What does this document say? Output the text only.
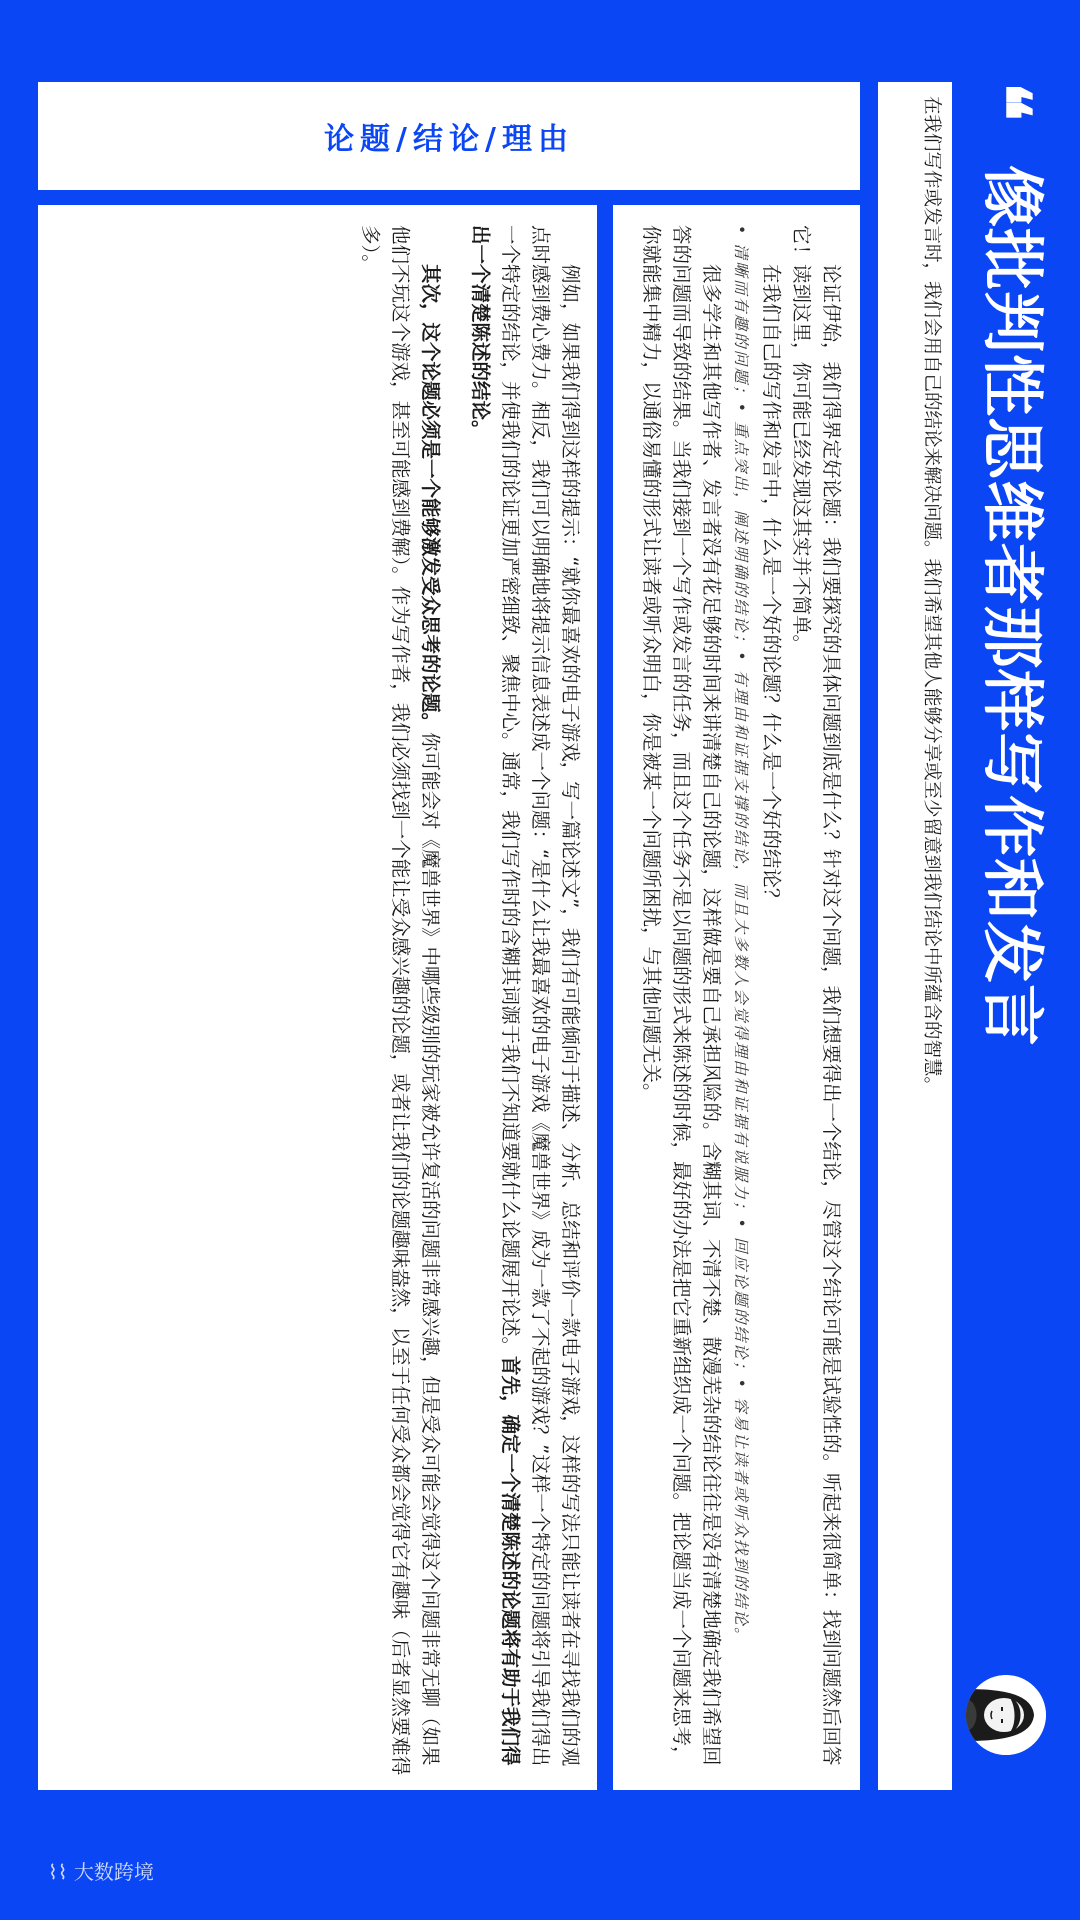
❝
像批判性思维者那样写作和发言
在我们写作或发言时，我们会用自己的结论来解决问题。我们希望其他人能够分享或至少留意到我们结论中所蕴含的智慧。
论题/结论/理由

论证伊始，我们得界定好论题：我们要探究的具体问题到底是什么？针对这个问题，我们想要得出一个结论，尽管这个结论可能是试验性的。听起来很简单：找到问题然后回答它！读到这里，你可能已经发现这其实并不简单。

在我们自己的写作和发言中，什么是一个好的论题？什么是一个好的结论？

• 清晰而有趣的问题；• 重点突出，阐述明确的结论；• 有理由和证据支撑的结论，而且大多数人会觉得理由和证据有说服力；• 回应论题的结论；• 容易让读者或听众找到的结论。

很多学生和其他写作者、发言者没有花足够的时间来讲清楚自己的论题，这样做是要自己承担风险的。含糊其词、不清不楚、散漫芜杂的结论往往是没有清楚地确定我们希望回答的问题而导致的结果。当我们接到一个写作或发言的任务，而且这个任务不是以问题的形式来陈述的时候，最好的办法是把它重新组织成一个问题。把论题当成一个问题来思考，你就能集中精力，以通俗易懂的形式让读者或听众明白，你是被某一个问题所困扰，与其他问题无关。

例如，如果我们得到这样的提示：“就你最喜欢的电子游戏，写一篇论述文”，我们有可能倾向于描述、分析、总结和评价一款电子游戏，这样的写法只能让读者在寻找我们的观点时感到费心费力。相反，我们可以明确地将提示信息表述成一个问题：“是什么让我最喜欢的电子游戏《魔兽世界》成为一款了不起的游戏？”这样一个特定的问题将引导我们得出一个特定的结论，并使我们的论证更加严密细致、聚焦中心。通常，我们写作时的含糊其词源于我们不知道要就什么论题展开论述。首先，确定一个清楚陈述的论题将有助于我们得出一个清楚陈述的结论。

其次，这个论题必须是一个能够激发受众思考的论题。你可能会对《魔兽世界》中哪些级别的玩家被允许复活的问题非常感兴趣，但是受众可能会觉得这个问题非常无聊（如果他们不玩这个游戏，甚至可能感到费解）。作为写作者，我们必须找到一个能让受众感兴趣的论题，或者让我们的论题趣味盎然，以至于任何受众都会觉得它有趣味（后者显然要难得多）。

⌇⌇ 大数跨境
